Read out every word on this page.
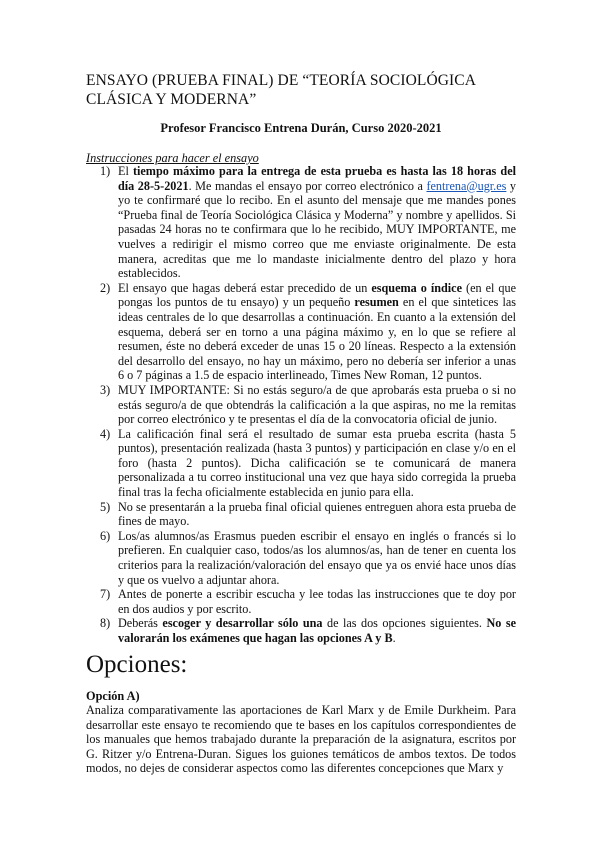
ENSAYO (PRUEBA FINAL) DE “TEORÍA SOCIOLÓGICA CLÁSICA Y MODERNA”

Profesor Francisco Entrena Durán, Curso 2020-2021

Instrucciones para hacer el ensayo

1) El tiempo máximo para la entrega de esta prueba es hasta las 18 horas del día 28-5-2021. Me mandas el ensayo por correo electrónico a fentrena@ugr.es y yo te confirmaré que lo recibo. En el asunto del mensaje que me mandes pones “Prueba final de Teoría Sociológica Clásica y Moderna” y nombre y apellidos. Si pasadas 24 horas no te confirmara que lo he recibido, MUY IMPORTANTE, me vuelves a redirigir el mismo correo que me enviaste originalmente. De esta manera, acreditas que me lo mandaste inicialmente dentro del plazo y hora establecidos.
2) El ensayo que hagas deberá estar precedido de un esquema o índice (en el que pongas los puntos de tu ensayo) y un pequeño resumen en el que sintetices las ideas centrales de lo que desarrollas a continuación. En cuanto a la extensión del esquema, deberá ser en torno a una página máximo y, en lo que se refiere al resumen, éste no deberá exceder de unas 15 o 20 líneas. Respecto a la extensión del desarrollo del ensayo, no hay un máximo, pero no debería ser inferior a unas 6 o 7 páginas a 1.5 de espacio interlineado, Times New Roman, 12 puntos.
3) MUY IMPORTANTE: Si no estás seguro/a de que aprobarás esta prueba o si no estás seguro/a de que obtendrás la calificación a la que aspiras, no me la remitas por correo electrónico y te presentas el día de la convocatoria oficial de junio.
4) La calificación final será el resultado de sumar esta prueba escrita (hasta 5 puntos), presentación realizada (hasta 3 puntos) y participación en clase y/o en el foro (hasta 2 puntos). Dicha calificación se te comunicará de manera personalizada a tu correo institucional una vez que haya sido corregida la prueba final tras la fecha oficialmente establecida en junio para ella.
5) No se presentarán a la prueba final oficial quienes entreguen ahora esta prueba de fines de mayo.
6) Los/as alumnos/as Erasmus pueden escribir el ensayo en inglés o francés si lo prefieren. En cualquier caso, todos/as los alumnos/as, han de tener en cuenta los criterios para la realización/valoración del ensayo que ya os envié hace unos días y que os vuelvo a adjuntar ahora.
7) Antes de ponerte a escribir escucha y lee todas las instrucciones que te doy por en dos audios y por escrito.
8) Deberás escoger y desarrollar sólo una de las dos opciones siguientes. No se valorarán los exámenes que hagan las opciones A y B.
Opciones:

Opción A)

Analiza comparativamente las aportaciones de Karl Marx y de Emile Durkheim. Para desarrollar este ensayo te recomiendo que te bases en los capítulos correspondientes de los manuales que hemos trabajado durante la preparación de la asignatura, escritos por G. Ritzer y/o Entrena-Duran. Sigues los guiones temáticos de ambos textos. De todos modos, no dejes de considerar aspectos como las diferentes concepciones que Marx y
